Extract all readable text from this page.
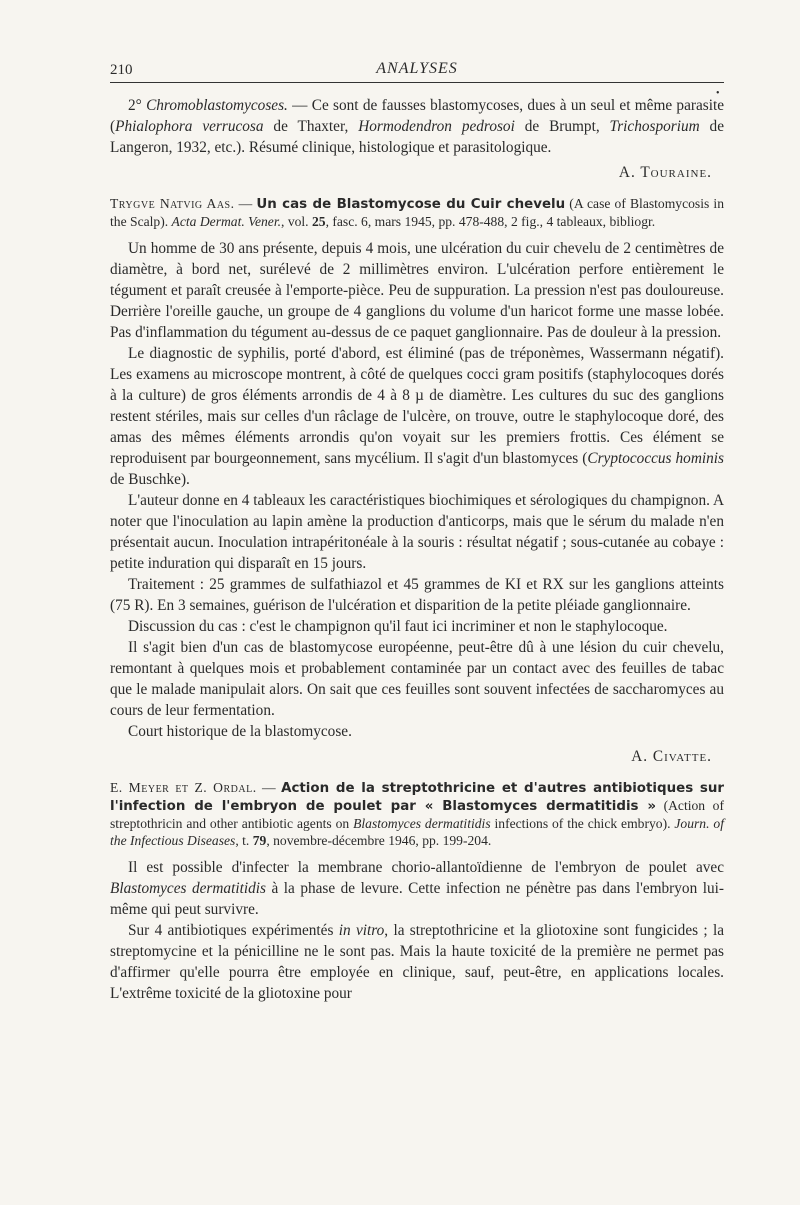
•
210	ANALYSES

2° Chromoblastomycoses. — Ce sont de fausses blastomycoses, dues à un seul et même parasite (Phialophora verrucosa de Thaxter, Hormodendron pedrosoi de Brumpt, Trichosporium de Langeron, 1932, etc.). Résumé clinique, histologique et parasitologique.

A. Touraine.
Trygve Natvig Aas. — Un cas de Blastomycose du Cuir chevelu (A case of Blastomycosis in the Scalp). Acta Dermat. Vener., vol. 25, fasc. 6, mars 1945, pp. 478-488, 2 fig., 4 tableaux, bibliogr.

Un homme de 30 ans présente, depuis 4 mois, une ulcération du cuir chevelu de 2 centimètres de diamètre, à bord net, surélevé de 2 millimètres environ. L'ulcération perfore entièrement le tégument et paraît creusée à l'emporte-pièce. Peu de suppuration. La pression n'est pas douloureuse. Derrière l'oreille gauche, un groupe de 4 ganglions du volume d'un haricot forme une masse lobée. Pas d'inflammation du tégument au-dessus de ce paquet ganglionnaire. Pas de douleur à la pression.

Le diagnostic de syphilis, porté d'abord, est éliminé (pas de tréponèmes, Wassermann négatif). Les examens au microscope montrent, à côté de quelques cocci gram positifs (staphylocoques dorés à la culture) de gros éléments arrondis de 4 à 8 µ de diamètre. Les cultures du suc des ganglions restent stériles, mais sur celles d'un râclage de l'ulcère, on trouve, outre le staphylocoque doré, des amas des mêmes éléments arrondis qu'on voyait sur les premiers frottis. Ces élément se reproduisent par bourgeonnement, sans mycélium. Il s'agit d'un blastomyces (Cryptococcus hominis de Buschke).

L'auteur donne en 4 tableaux les caractéristiques biochimiques et sérologiques du champignon. A noter que l'inoculation au lapin amène la production d'anticorps, mais que le sérum du malade n'en présentait aucun. Inoculation intrapéritonéale à la souris : résultat négatif ; sous-cutanée au cobaye : petite induration qui disparaît en 15 jours.

Traitement : 25 grammes de sulfathiazol et 45 grammes de KI et RX sur les ganglions atteints (75 R). En 3 semaines, guérison de l'ulcération et disparition de la petite pléiade ganglionnaire.

Discussion du cas : c'est le champignon qu'il faut ici incriminer et non le staphylocoque.

Il s'agit bien d'un cas de blastomycose européenne, peut-être dû à une lésion du cuir chevelu, remontant à quelques mois et probablement contaminée par un contact avec des feuilles de tabac que le malade manipulait alors. On sait que ces feuilles sont souvent infectées de saccharomyces au cours de leur fermentation.

Court historique de la blastomycose.

A. Civatte.
E. Meyer et Z. Ordal. — Action de la streptothricine et d'autres antibiotiques sur l'infection de l'embryon de poulet par « Blastomyces dermatitidis » (Action of streptothricin and other antibiotic agents on Blastomyces dermatitidis infections of the chick embryo). Journ. of the Infectious Diseases, t. 79, novembre-décembre 1946, pp. 199-204.

Il est possible d'infecter la membrane chorio-allantoïdienne de l'embryon de poulet avec Blastomyces dermatitidis à la phase de levure. Cette infection ne pénètre pas dans l'embryon lui-même qui peut survivre.

Sur 4 antibiotiques expérimentés in vitro, la streptothricine et la gliotoxine sont fungicides ; la streptomycine et la pénicilline ne le sont pas. Mais la haute toxicité de la première ne permet pas d'affirmer qu'elle pourra être employée en clinique, sauf, peut-être, en applications locales. L'extrême toxicité de la gliotoxine pour
